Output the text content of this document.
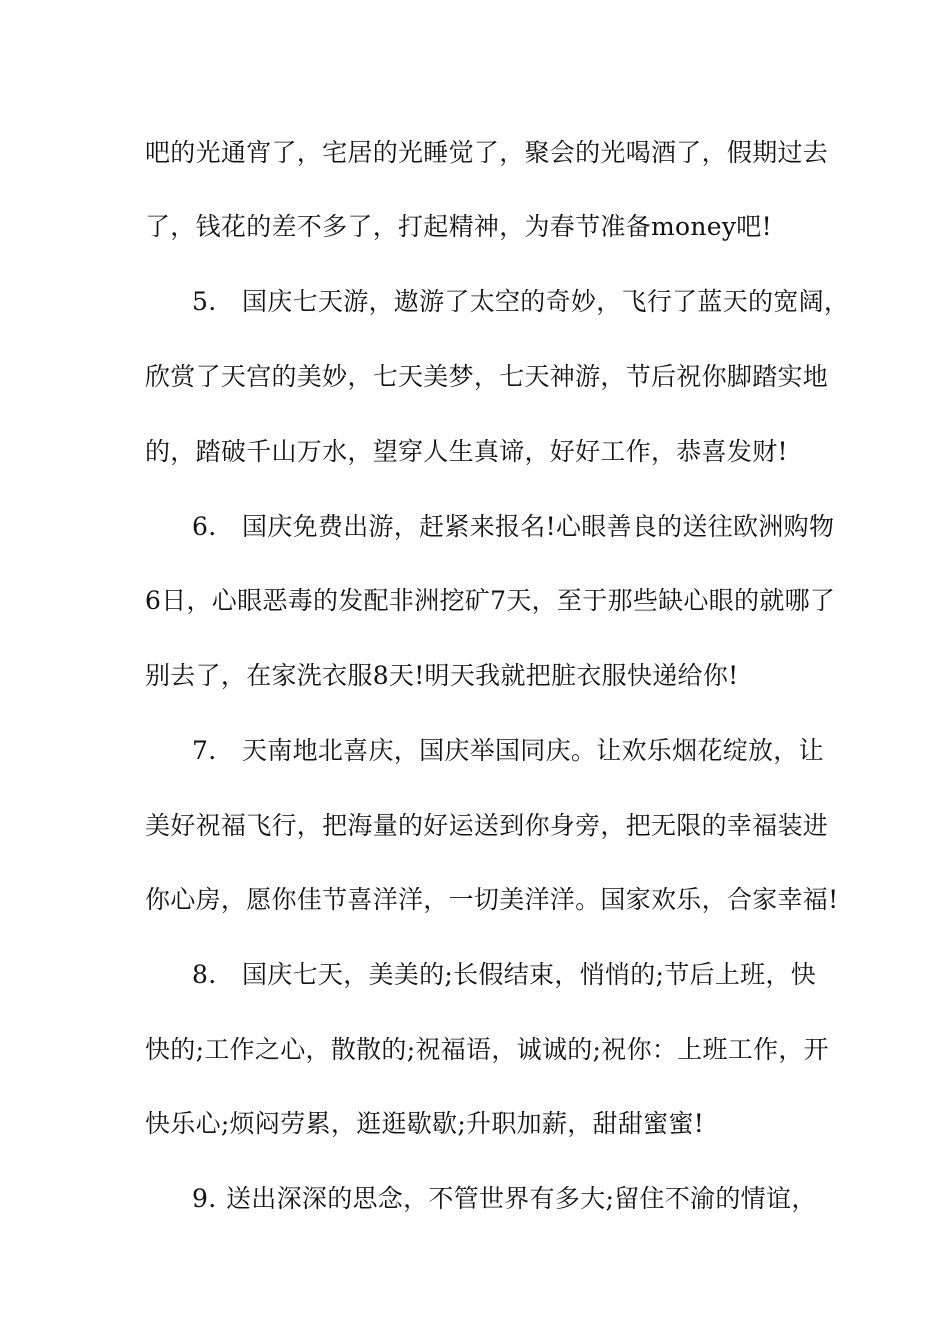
吧的光通宵了，宅居的光睡觉了，聚会的光喝酒了，假期过去
了，钱花的差不多了，打起精神，为春节准备money吧!
5. 国庆七天游，遨游了太空的奇妙，飞行了蓝天的宽阔，
欣赏了天宫的美妙，七天美梦，七天神游，节后祝你脚踏实地
的，踏破千山万水，望穿人生真谛，好好工作，恭喜发财!
6. 国庆免费出游，赶紧来报名!心眼善良的送往欧洲购物
6日，心眼恶毒的发配非洲挖矿7天，至于那些缺心眼的就哪了
别去了，在家洗衣服8天!明天我就把脏衣服快递给你!
7. 天南地北喜庆，国庆举国同庆。让欢乐烟花绽放，让
美好祝福飞行，把海量的好运送到你身旁，把无限的幸福装进
你心房，愿你佳节喜洋洋，一切美洋洋。国家欢乐，合家幸福!
8. 国庆七天，美美的;长假结束，悄悄的;节后上班，快
快的;工作之心，散散的;祝福语，诚诚的;祝你：上班工作，开
快乐心;烦闷劳累，逛逛歇歇;升职加薪，甜甜蜜蜜!
9. 送出深深的思念，不管世界有多大;留住不渝的情谊，
